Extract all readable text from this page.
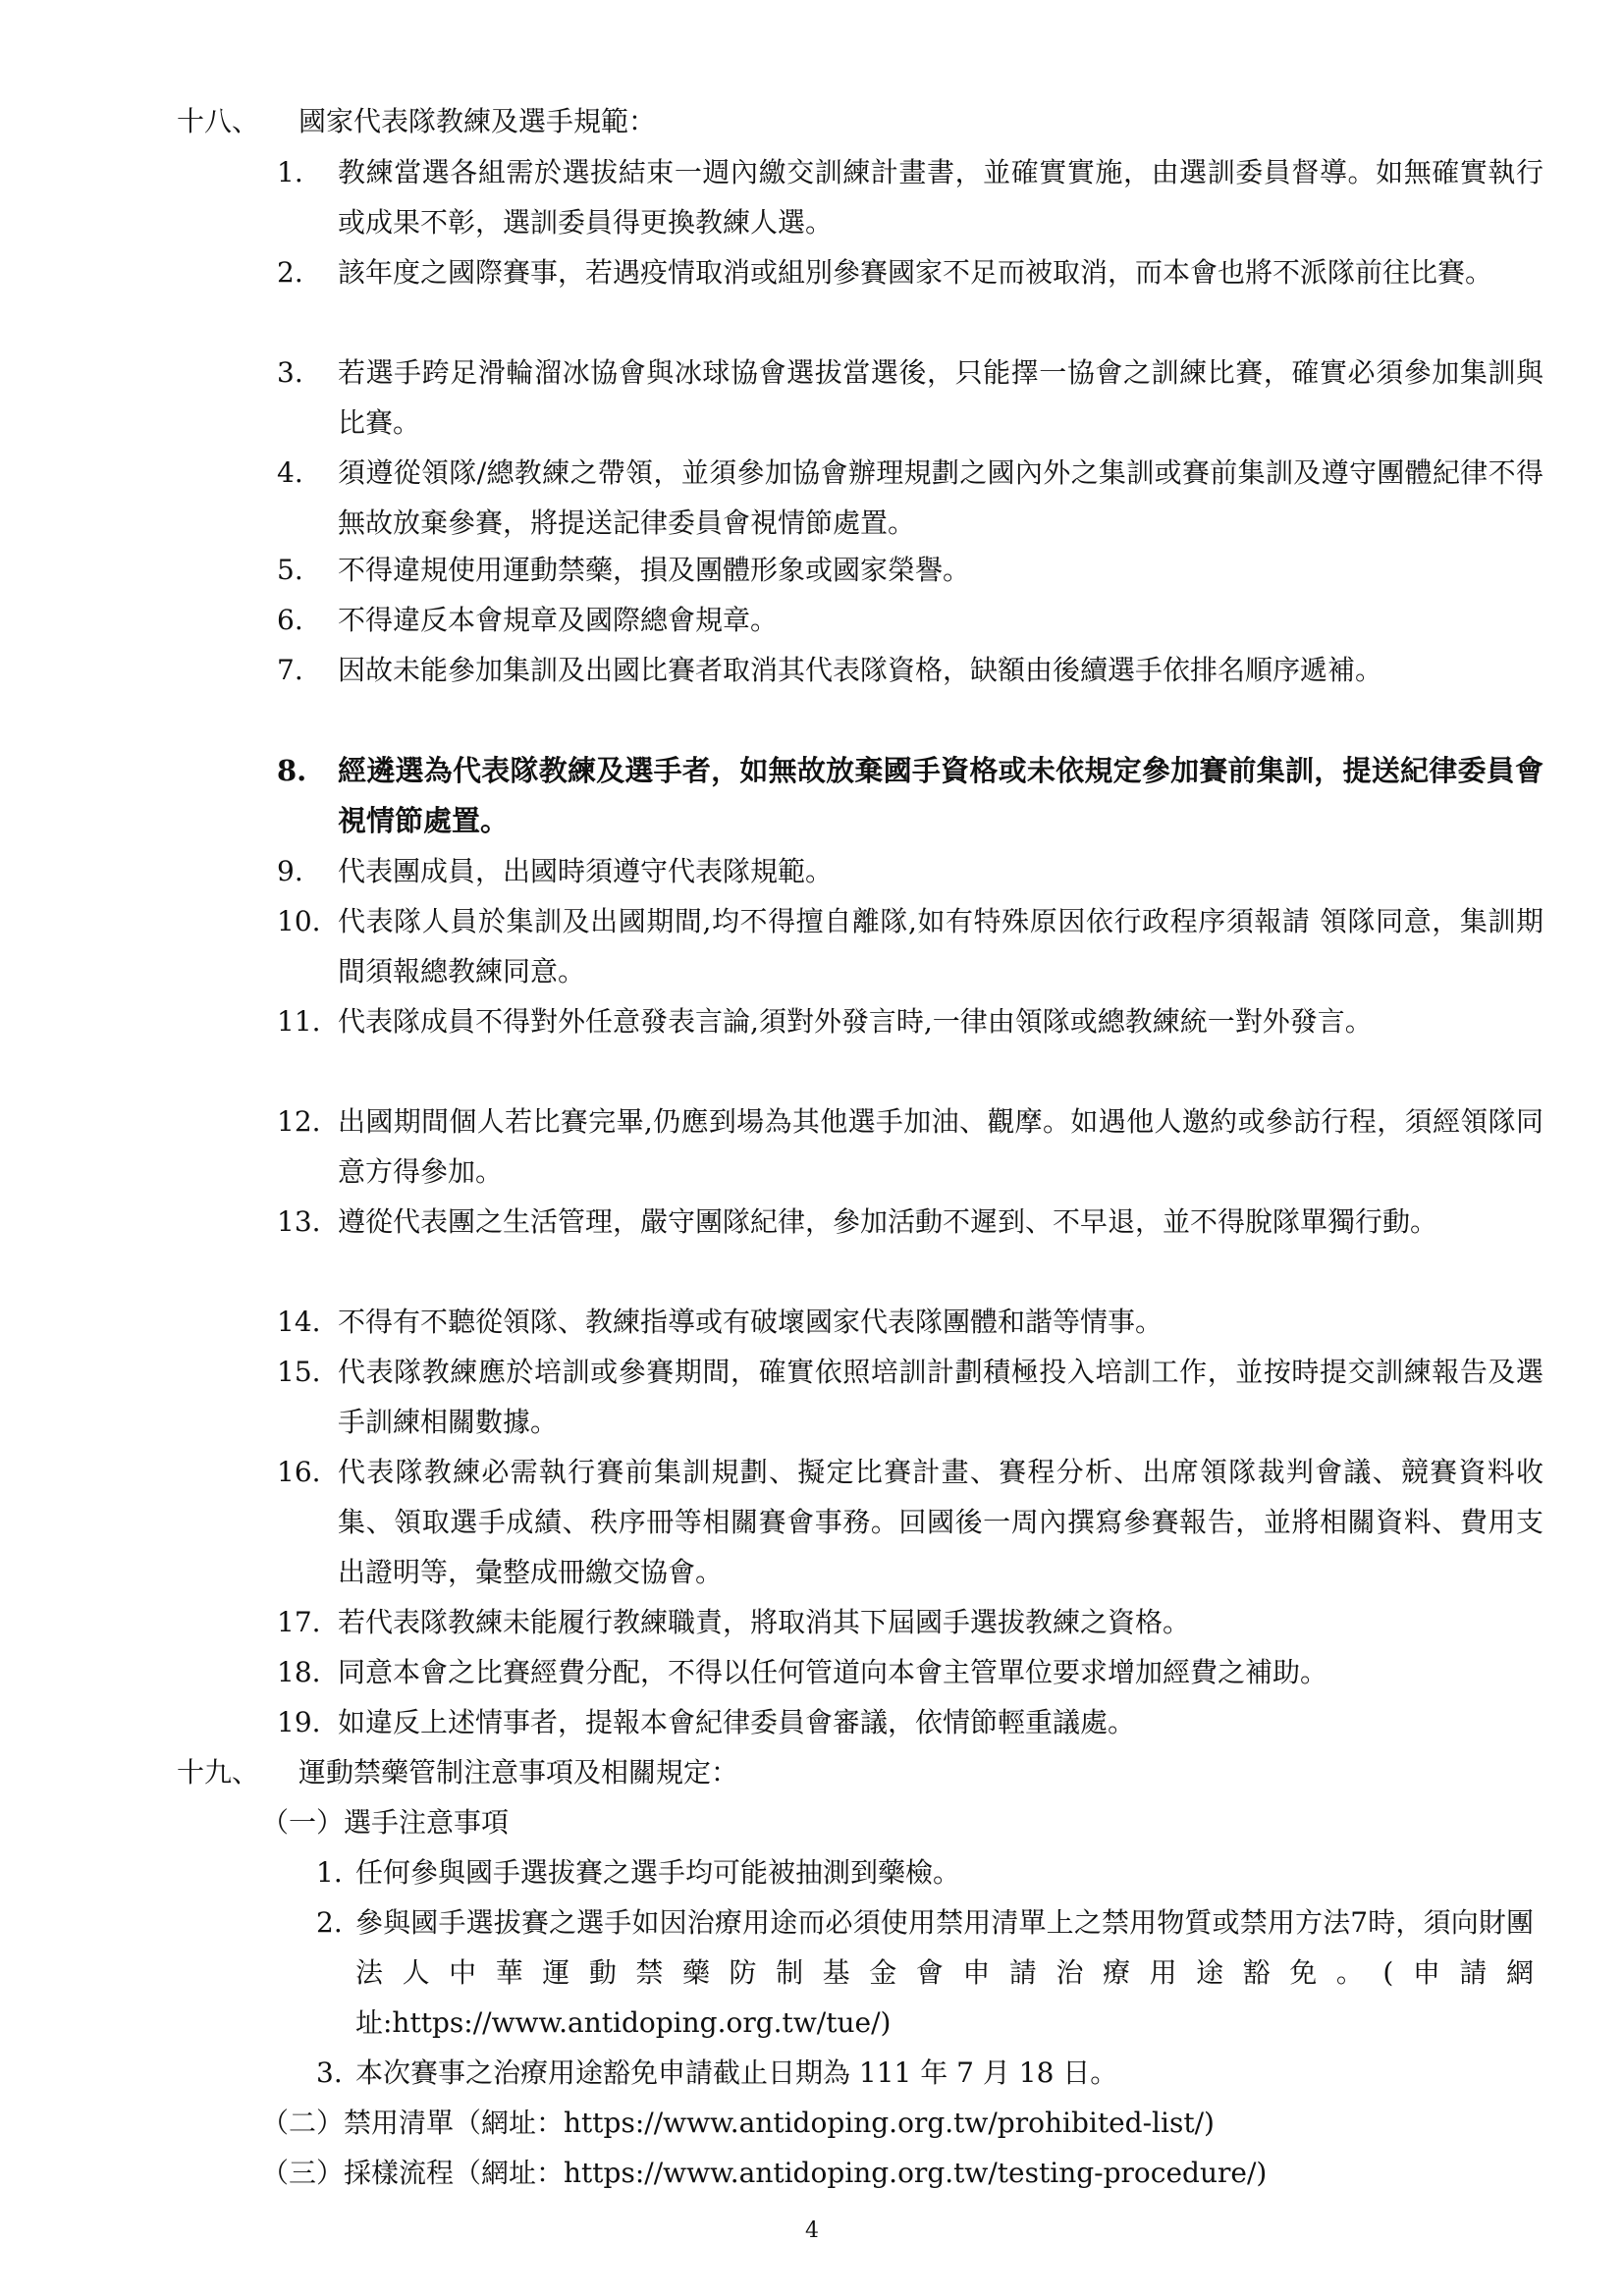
十八、 國家代表隊教練及選手規範：
1.	教練當選各組需於選拔結束一週內繳交訓練計畫書，並確實實施，由選訓委員督導。如無確實執行或成果不彰，選訓委員得更換教練人選。
2.	該年度之國際賽事，若遇疫情取消或組別參賽國家不足而被取消，而本會也將不派隊前往比賽。
3.	若選手跨足滑輪溜冰協會與冰球協會選拔當選後，只能擇一協會之訓練比賽，確實必須參加集訓與比賽。
4.	須遵從領隊/總教練之帶領，並須參加協會辦理規劃之國內外之集訓或賽前集訓及遵守團體紀律不得無故放棄參賽，將提送記律委員會視情節處置。
5.	不得違規使用運動禁藥，損及團體形象或國家榮譽。
6.	不得違反本會規章及國際總會規章。
7.	因故未能參加集訓及出國比賽者取消其代表隊資格，缺額由後續選手依排名順序遞補。
8.	經遴選為代表隊教練及選手者，如無故放棄國手資格或未依規定參加賽前集訓，提送紀律委員會視情節處置。
9.	代表團成員，出國時須遵守代表隊規範。
10. 代表隊人員於集訓及出國期間,均不得擅自離隊,如有特殊原因依行政程序須報請 領隊同意，集訓期間須報總教練同意。
11. 代表隊成員不得對外任意發表言論,須對外發言時,一律由領隊或總教練統一對外發言。
12. 出國期間個人若比賽完畢,仍應到場為其他選手加油、觀摩。如遇他人邀約或參訪行程，須經領隊同意方得參加。
13. 遵從代表團之生活管理，嚴守團隊紀律，參加活動不遲到、不早退，並不得脫隊單獨行動。
14. 不得有不聽從領隊、教練指導或有破壞國家代表隊團體和諧等情事。
15. 代表隊教練應於培訓或參賽期間，確實依照培訓計劃積極投入培訓工作，並按時提交訓練報告及選手訓練相關數據。
16. 代表隊教練必需執行賽前集訓規劃、擬定比賽計畫、賽程分析、出席領隊裁判會議、競賽資料收集、領取選手成績、秩序冊等相關賽會事務。回國後一周內撰寫參賽報告，並將相關資料、費用支出證明等，彙整成冊繳交協會。
17. 若代表隊教練未能履行教練職責，將取消其下屆國手選拔教練之資格。
18. 同意本會之比賽經費分配，不得以任何管道向本會主管單位要求增加經費之補助。
19. 如違反上述情事者，提報本會紀律委員會審議，依情節輕重議處。
十九、 運動禁藥管制注意事項及相關規定：
（一）選手注意事項
1. 任何參與國手選拔賽之選手均可能被抽測到藥檢。
2. 參與國手選拔賽之選手如因治療用途而必須使用禁用清單上之禁用物質或禁用方法7時，須向財團法人中華運動禁藥防制基金會申請治療用途豁免。(申請網址:https://www.antidoping.org.tw/tue/)
3. 本次賽事之治療用途豁免申請截止日期為 111 年 7 月 18 日。
（二）禁用清單（網址：https://www.antidoping.org.tw/prohibited-list/)
（三）採樣流程（網址：https://www.antidoping.org.tw/testing-procedure/)
4
